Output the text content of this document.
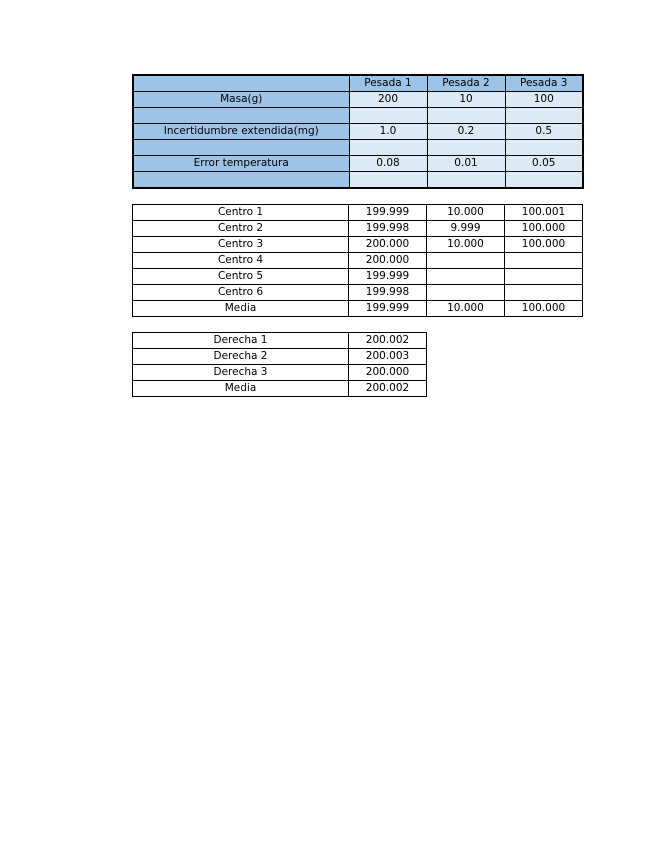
	Pesada 1	Pesada 2	Pesada 3
Masa(g)	200	10	100

Incertidumbre extendida(mg)	1.0	0.2	0.5

Error temperatura	0.08	0.01	0.05

Centro 1	199.999	10.000	100.001
Centro 2	199.998	9.999	100.000
Centro 3	200.000	10.000	100.000
Centro 4	200.000		
Centro 5	199.999		
Centro 6	199.998		
Media	199.999	10.000	100.000
Derecha 1	200.002
Derecha 2	200.003
Derecha 3	200.000
Media	200.002
